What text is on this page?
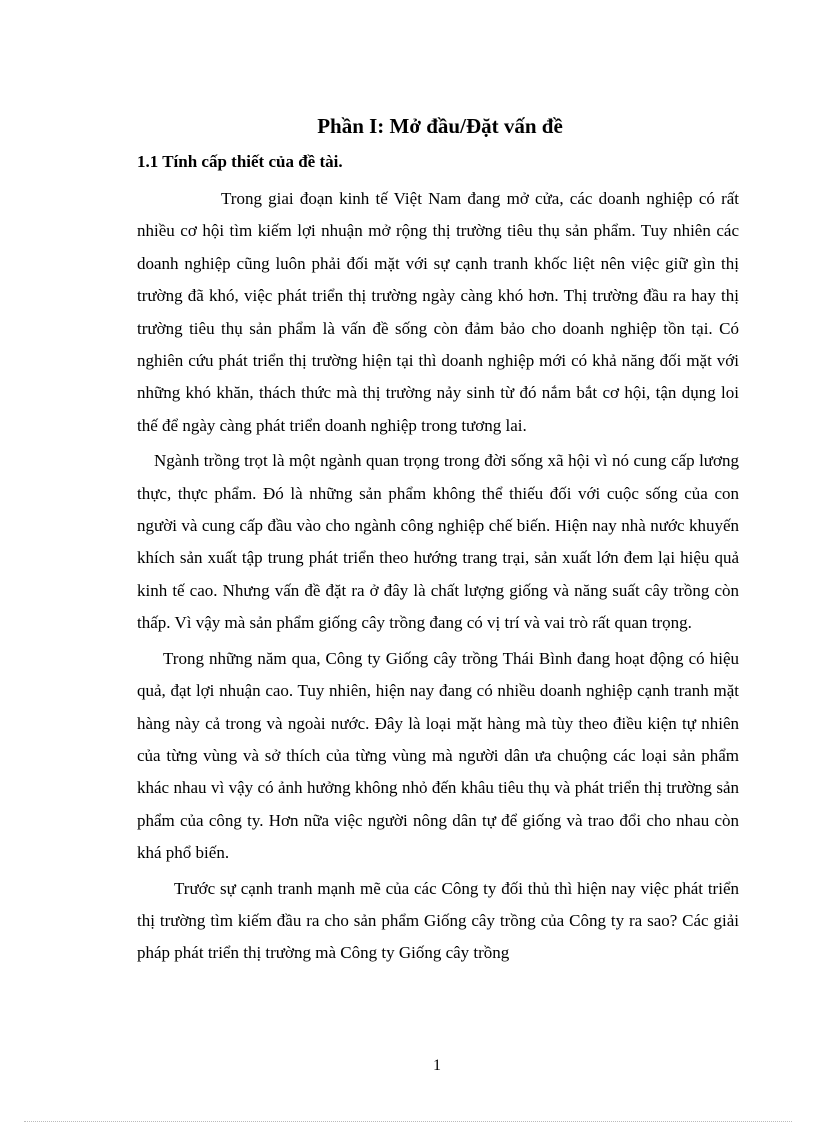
Phần I: Mở đầu/Đặt vấn đề
1.1 Tính cấp thiết của đề tài.

Trong giai đoạn kinh tế Việt Nam đang mở cửa, các doanh nghiệp có rất nhiều cơ hội tìm kiếm lợi nhuận mở rộng thị trường tiêu thụ sản phẩm. Tuy nhiên các doanh nghiệp cũng luôn phải đối mặt với sự cạnh tranh khốc liệt nên việc giữ gìn thị trường đã khó, việc phát triển thị trường ngày càng khó hơn. Thị trường đầu ra hay thị trường tiêu thụ sản phẩm là vấn đề sống còn đảm bảo cho doanh nghiệp tồn tại. Có nghiên cứu phát triển thị trường hiện tại thì doanh nghiệp mới có khả năng đối mặt với những khó khăn, thách thức mà thị trường nảy sinh từ đó nắm bắt cơ hội, tận dụng loi thế để ngày càng phát triển doanh nghiệp trong tương lai.

Ngành trồng trọt là một ngành quan trọng trong đời sống xã hội vì nó cung cấp lương thực, thực phẩm. Đó là những sản phẩm không thể thiếu đối với cuộc sống của con người và cung cấp đầu vào cho ngành công nghiệp chế biến. Hiện nay nhà nước khuyến khích sản xuất tập trung phát triển theo hướng trang trại, sản xuất lớn đem lại hiệu quả kinh tế cao. Nhưng vấn đề đặt ra ở đây là chất lượng giống và năng suất cây trồng còn thấp. Vì vậy mà sản phẩm giống cây trồng đang có vị trí và vai trò rất quan trọng.

Trong những năm qua, Công ty Giống cây trồng Thái Bình đang hoạt động có hiệu quả, đạt lợi nhuận cao. Tuy nhiên, hiện nay đang có nhiều doanh nghiệp cạnh tranh mặt hàng này cả trong và ngoài nước. Đây là loại mặt hàng mà tùy theo điều kiện tự nhiên của từng vùng và sở thích của từng vùng mà người dân ưa chuộng các loại sản phẩm khác nhau vì vậy có ảnh hưởng không nhỏ đến khâu tiêu thụ và phát triển thị trường sản phẩm của công ty. Hơn nữa việc người nông dân tự để giống và trao đổi cho nhau còn khá phổ biến.

Trước sự cạnh tranh mạnh mẽ của các Công ty đối thủ thì hiện nay việc phát triển thị trường tìm kiếm đầu ra cho sản phẩm Giống cây trồng của Công ty ra sao? Các giải pháp phát triển thị trường mà Công ty Giống cây trồng

1
